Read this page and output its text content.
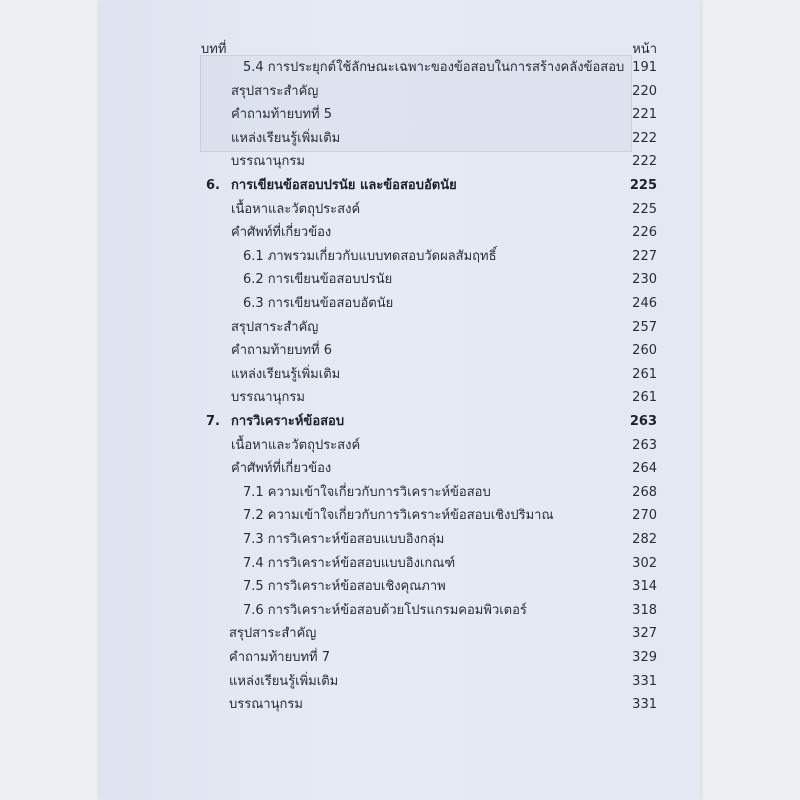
บทที่	หน้า
5.4 การประยุกต์ใช้ลักษณะเฉพาะของข้อสอบในการสร้างคลังข้อสอบ 191
สรุปสาระสำคัญ	220
คำถามท้ายบทที่ 5	221
แหล่งเรียนรู้เพิ่มเติม	222
บรรณานุกรม	222
6. การเขียนข้อสอบปรนัย และข้อสอบอัตนัย	225
เนื้อหาและวัตถุประสงค์	225
คำศัพท์ที่เกี่ยวข้อง	226
6.1 ภาพรวมเกี่ยวกับแบบทดสอบวัดผลสัมฤทธิ์	227
6.2 การเขียนข้อสอบปรนัย	230
6.3 การเขียนข้อสอบอัตนัย	246
สรุปสาระสำคัญ	257
คำถามท้ายบทที่ 6	260
แหล่งเรียนรู้เพิ่มเติม	261
บรรณานุกรม	261
7. การวิเคราะห์ข้อสอบ	263
เนื้อหาและวัตถุประสงค์	263
คำศัพท์ที่เกี่ยวข้อง	264
7.1 ความเข้าใจเกี่ยวกับการวิเคราะห์ข้อสอบ	268
7.2 ความเข้าใจเกี่ยวกับการวิเคราะห์ข้อสอบเชิงปริมาณ	270
7.3 การวิเคราะห์ข้อสอบแบบอิงกลุ่ม	282
7.4 การวิเคราะห์ข้อสอบแบบอิงเกณฑ์	302
7.5 การวิเคราะห์ข้อสอบเชิงคุณภาพ	314
7.6 การวิเคราะห์ข้อสอบด้วยโปรแกรมคอมพิวเตอร์	318
สรุปสาระสำคัญ	327
คำถามท้ายบทที่ 7	329
แหล่งเรียนรู้เพิ่มเติม	331
บรรณานุกรม	331
